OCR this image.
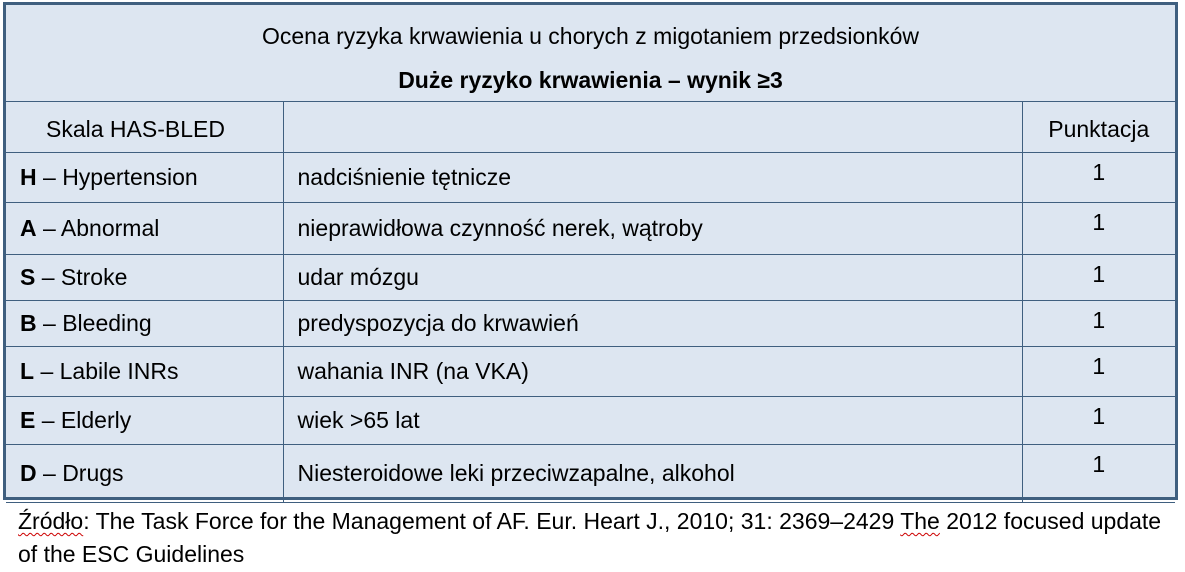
Ocena ryzyka krwawienia u chorych z migotaniem przedsionków
Duże ryzyko krwawienia – wynik ≥3		

Skala HAS-BLED		Punktacja
H – Hypertension	nadciśnienie tętnicze	1
A – Abnormal	nieprawidłowa czynność nerek, wątroby	1
S – Stroke	udar mózgu	1
B – Bleeding	predyspozycja do krwawień	1
L – Labile INRs	wahania INR (na VKA)	1
E – Elderly	wiek >65 lat	1
D – Drugs	Niesteroidowe leki przeciwzapalne, alkohol	1
Źródło: The Task Force for the Management of AF. Eur. Heart J., 2010; 31: 2369–2429 The 2012 focused update of the ESC Guidelines
